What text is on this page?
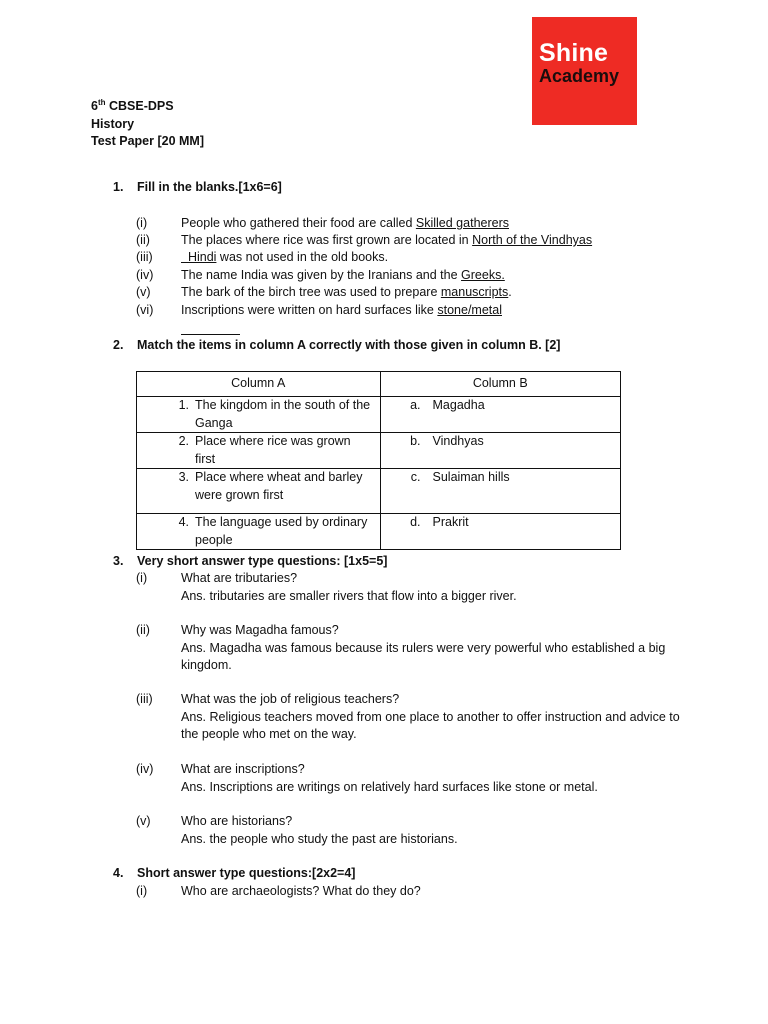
Shine
Academy
6th CBSE-DPS
History
Test Paper [20 MM]
1. Fill in the blanks.[1x6=6]
(i)	People who gathered their food are called Skilled gatherers
(ii)	The places where rice was first grown are located in North of the Vindhyas
(iii)	Hindi was not used in the old books.
(iv)	The name India was given by the Iranians and the Greeks.
(v)	The bark of the birch tree was used to prepare manuscripts.
(vi)	Inscriptions were written on hard surfaces like stone/metal
2. Match the items in column A correctly with those given in column B. [2]
Column A	Column B

1. The kingdom in the south of the Ganga	a. Magadha

2. Place where rice was grown first	b. Vindhyas

3. Place where wheat and barley were grown first	c. Sulaiman hills

4. The language used by ordinary people	d. Prakrit
3. Very short answer type questions: [1x5=5]
(i)	What are tributaries?
Ans. tributaries are smaller rivers that flow into a bigger river.
(ii) Why was Magadha famous?
Ans. Magadha was famous because its rulers were very powerful who established a big kingdom.
(iii) What was the job of religious teachers?
Ans. Religious teachers moved from one place to another to offer instruction and advice to the people who met on the way.
(iv) What are inscriptions?
Ans. Inscriptions are writings on relatively hard surfaces like stone or metal.
(v) Who are historians?
Ans. the people who study the past are historians.
4. Short answer type questions:[2x2=4]
(i)	Who are archaeologists? What do they do?
